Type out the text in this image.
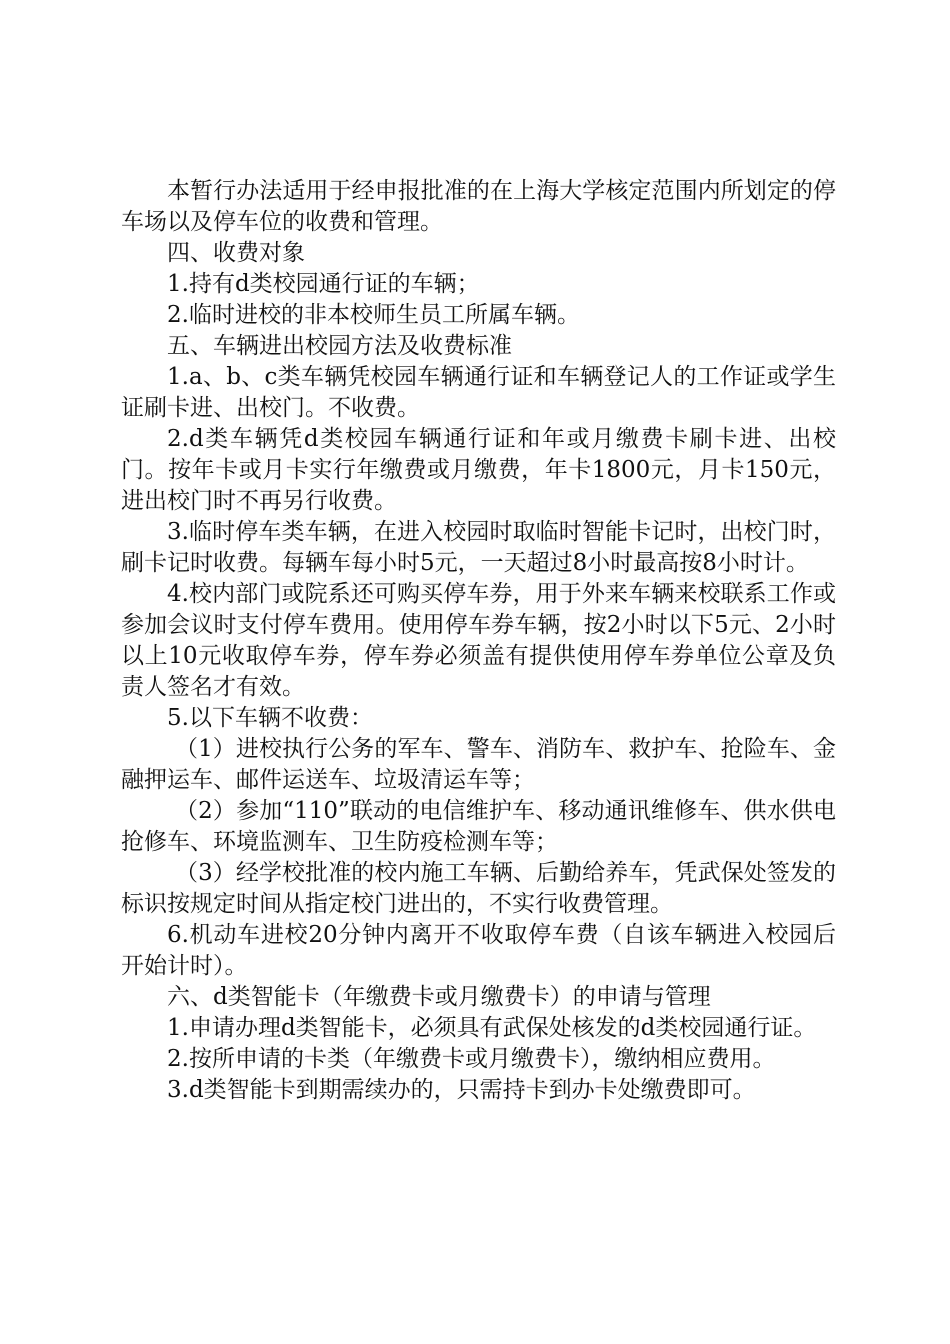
本暂行办法适用于经申报批准的在上海大学核定范围内所划定的停车场以及停车位的收费和管理。

四、收费对象

1.持有d类校园通行证的车辆；

2.临时进校的非本校师生员工所属车辆。

五、车辆进出校园方法及收费标准

1.a、b、c类车辆凭校园车辆通行证和车辆登记人的工作证或学生证刷卡进、出校门。不收费。

2.d类车辆凭d类校园车辆通行证和年或月缴费卡刷卡进、出校门。按年卡或月卡实行年缴费或月缴费，年卡1800元，月卡150元，进出校门时不再另行收费。

3.临时停车类车辆，在进入校园时取临时智能卡记时，出校门时，刷卡记时收费。每辆车每小时5元，一天超过8小时最高按8小时计。

4.校内部门或院系还可购买停车券，用于外来车辆来校联系工作或参加会议时支付停车费用。使用停车券车辆，按2小时以下5元、2小时以上10元收取停车券，停车券必须盖有提供使用停车券单位公章及负责人签名才有效。

5.以下车辆不收费：

（1）进校执行公务的军车、警车、消防车、救护车、抢险车、金融押运车、邮件运送车、垃圾清运车等；

（2）参加“110”联动的电信维护车、移动通讯维修车、供水供电抢修车、环境监测车、卫生防疫检测车等；

（3）经学校批准的校内施工车辆、后勤给养车，凭武保处签发的标识按规定时间从指定校门进出的，不实行收费管理。

6.机动车进校20分钟内离开不收取停车费（自该车辆进入校园后开始计时）。

六、d类智能卡（年缴费卡或月缴费卡）的申请与管理

1.申请办理d类智能卡，必须具有武保处核发的d类校园通行证。

2.按所申请的卡类（年缴费卡或月缴费卡），缴纳相应费用。

3.d类智能卡到期需续办的，只需持卡到办卡处缴费即可。
